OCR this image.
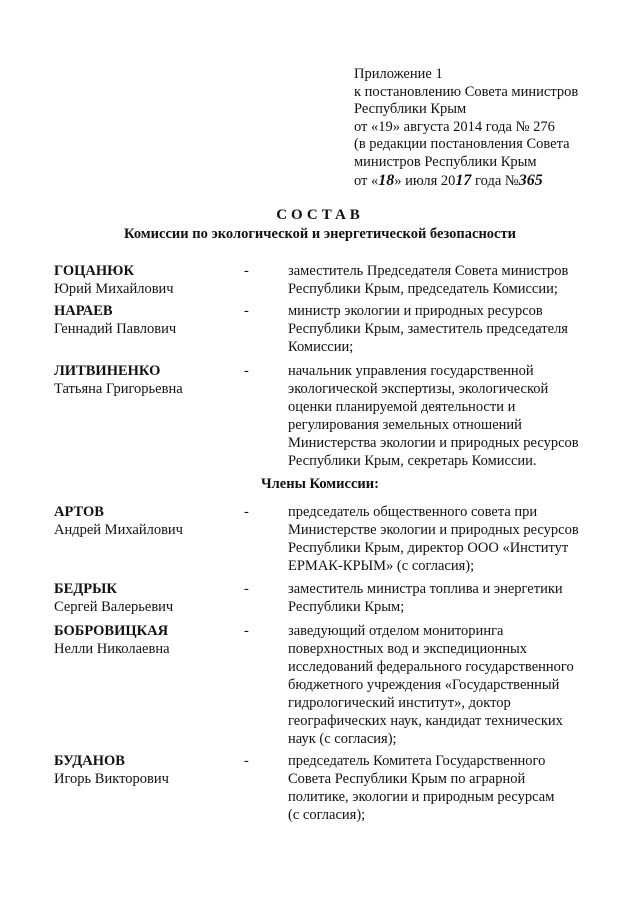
Приложение 1
к постановлению Совета министров
Республики Крым
от «19» августа 2014 года № 276
(в редакции постановления Совета
министров Республики Крым
от «18» июля 2017 года №365
СОСТАВ
Комиссии по экологической и энергетической безопасности
ГОЦАНЮК
Юрий Михайлович
-	заместитель Председателя Совета министров
Республики Крым, председатель Комиссии;
НАРАЕВ
Геннадий Павлович
-	министр экологии и природных ресурсов
Республики Крым, заместитель председателя
Комиссии;
ЛИТВИНЕНКО
Татьяна Григорьевна
-	начальник управления государственной
экологической экспертизы, экологической
оценки планируемой деятельности и
регулирования земельных отношений
Министерства экологии и природных ресурсов
Республики Крым, секретарь Комиссии.
Члены Комиссии:
АРТОВ
Андрей Михайлович
-	председатель общественного совета при
Министерстве экологии и природных ресурсов
Республики Крым, директор ООО «Институт
ЕРМАК-КРЫМ» (с согласия);
БЕДРЫК
Сергей Валерьевич
-	заместитель министра топлива и энергетики
Республики Крым;
БОБРОВИЦКАЯ
Нелли Николаевна
-	заведующий отделом мониторинга
поверхностных вод и экспедиционных
исследований федерального государственного
бюджетного учреждения «Государственный
гидрологический институт», доктор
географических наук, кандидат технических
наук (с согласия);
БУДАНОВ
Игорь Викторович
-	председатель Комитета Государственного
Совета Республики Крым по аграрной
политике, экологии и природным ресурсам
(с согласия);
